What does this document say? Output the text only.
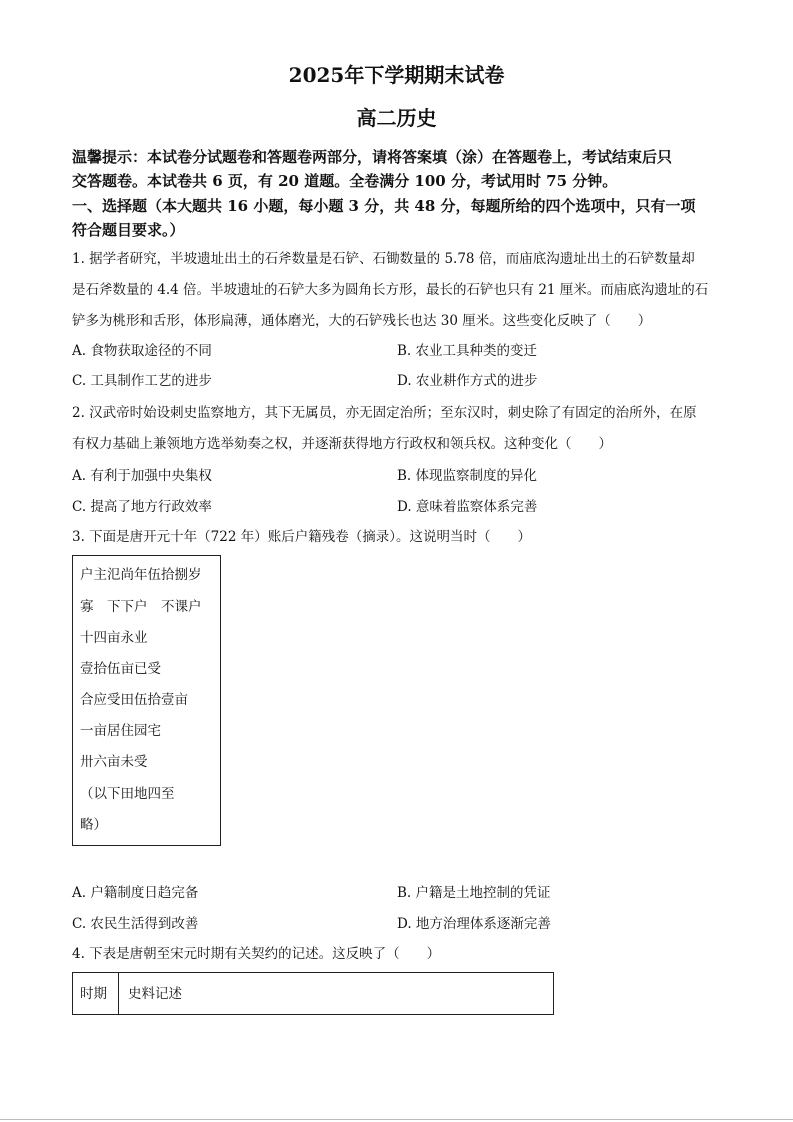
2025年下学期期末试卷
高二历史
温馨提示：本试卷分试题卷和答题卷两部分，请将答案填（涂）在答题卷上，考试结束后只
交答题卷。本试卷共 6 页，有 20 道题。全卷满分 100 分，考试用时 75 分钟。
一、选择题（本大题共 16 小题，每小题 3 分，共 48 分，每题所给的四个选项中，只有一项
符合题目要求。）
1. 据学者研究，半坡遗址出土的石斧数量是石铲、石锄数量的 5.78 倍，而庙底沟遗址出土的石铲数量却
是石斧数量的 4.4 倍。半坡遗址的石铲大多为圆角长方形，最长的石铲也只有 21 厘米。而庙底沟遗址的石
铲多为桃形和舌形，体形扁薄，通体磨光，大的石铲残长也达 30 厘米。这些变化反映了（　　）
A. 食物获取途径的不同	B. 农业工具种类的变迁
C. 工具制作工艺的进步	D. 农业耕作方式的进步
2. 汉武帝时始设刺史监察地方，其下无属员，亦无固定治所；至东汉时，刺史除了有固定的治所外，在原
有权力基础上兼领地方选举劾奏之权，并逐渐获得地方行政权和领兵权。这种变化（　　）
A. 有利于加强中央集权	B. 体现监察制度的异化
C. 提高了地方行政效率	D. 意味着监察体系完善
3. 下面是唐开元十年（722 年）账后户籍残卷（摘录）。这说明当时（　　）
户主氾尚年伍拾捌岁
寡　下下户　不课户
十四亩永业
壹拾伍亩已受
合应受田伍拾壹亩
一亩居住园宅
卅六亩未受
（以下田地四至
略）
A. 户籍制度日趋完备	B. 户籍是土地控制的凭证
C. 农民生活得到改善	D. 地方治理体系逐渐完善
4. 下表是唐朝至宋元时期有关契约的记述。这反映了（　　）
时期 史料记述
